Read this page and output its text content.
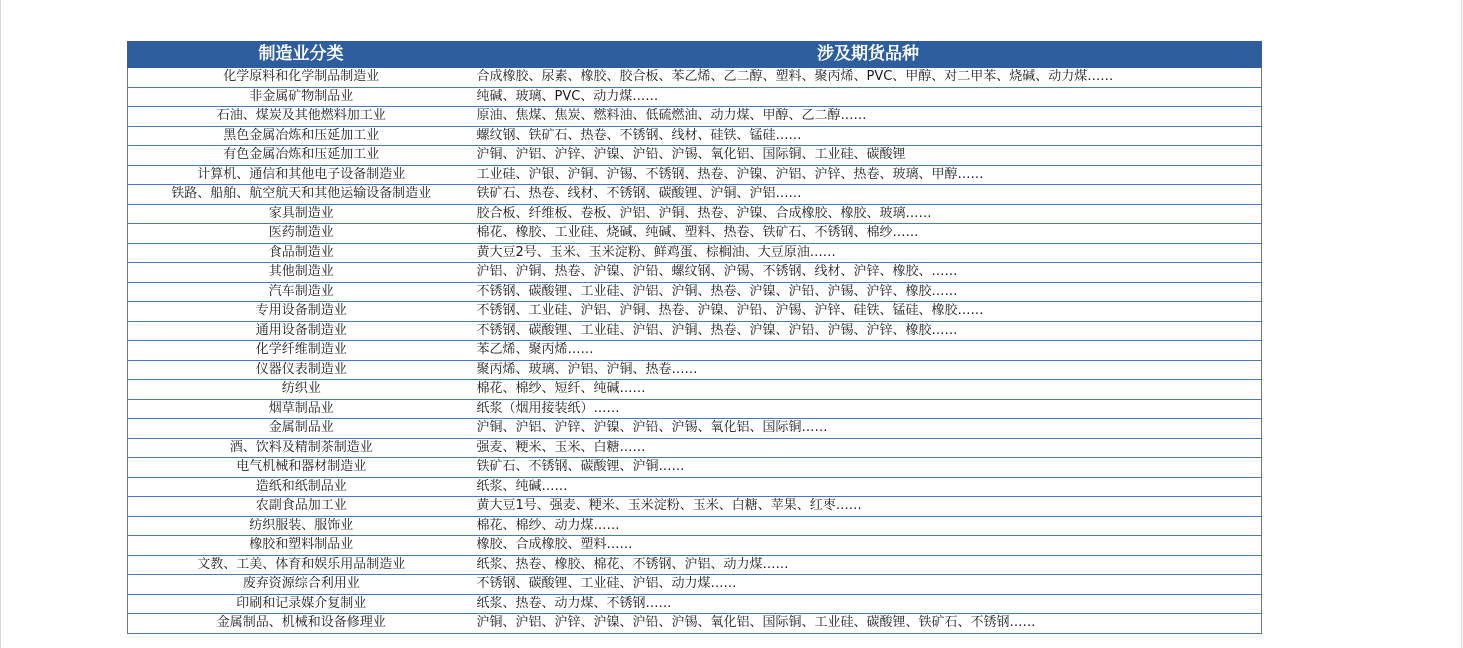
制造业分类	涉及期货品种
化学原料和化学制品制造业	合成橡胶、尿素、橡胶、胶合板、苯乙烯、乙二醇、塑料、聚丙烯、PVC、甲醇、对二甲苯、烧碱、动力煤……
非金属矿物制品业	纯碱、玻璃、PVC、动力煤……
石油、煤炭及其他燃料加工业	原油、焦煤、焦炭、燃料油、低硫燃油、动力煤、甲醇、乙二醇……
黑色金属冶炼和压延加工业	螺纹钢、铁矿石、热卷、不锈钢、线材、硅铁、锰硅……
有色金属冶炼和压延加工业	沪铜、沪铝、沪锌、沪镍、沪铅、沪锡、氧化铝、国际铜、工业硅、碳酸锂
计算机、通信和其他电子设备制造业	工业硅、沪银、沪铜、沪锡、不锈钢、热卷、沪镍、沪铝、沪锌、热卷、玻璃、甲醇……
铁路、船舶、航空航天和其他运输设备制造业	铁矿石、热卷、线材、不锈钢、碳酸锂、沪铜、沪铝……
家具制造业	胶合板、纤维板、卷板、沪铝、沪铜、热卷、沪镍、合成橡胶、橡胶、玻璃……
医药制造业	棉花、橡胶、工业硅、烧碱、纯碱、塑料、热卷、铁矿石、不锈钢、棉纱……
食品制造业	黄大豆2号、玉米、玉米淀粉、鲜鸡蛋、棕榈油、大豆原油……
其他制造业	沪铝、沪铜、热卷、沪镍、沪铅、螺纹钢、沪锡、不锈钢、线材、沪锌、橡胶、……
汽车制造业	不锈钢、碳酸锂、工业硅、沪铝、沪铜、热卷、沪镍、沪铅、沪锡、沪锌、橡胶……
专用设备制造业	不锈钢、工业硅、沪铝、沪铜、热卷、沪镍、沪铅、沪锡、沪锌、硅铁、锰硅、橡胶……
通用设备制造业	不锈钢、碳酸锂、工业硅、沪铝、沪铜、热卷、沪镍、沪铅、沪锡、沪锌、橡胶……
化学纤维制造业	苯乙烯、聚丙烯……
仪器仪表制造业	聚丙烯、玻璃、沪铝、沪铜、热卷……
纺织业	棉花、棉纱、短纤、纯碱……
烟草制品业	纸浆（烟用接装纸）……
金属制品业	沪铜、沪铝、沪锌、沪镍、沪铅、沪锡、氧化铝、国际铜……
酒、饮料及精制茶制造业	强麦、粳米、玉米、白糖……
电气机械和器材制造业	铁矿石、不锈钢、碳酸锂、沪铜……
造纸和纸制品业	纸浆、纯碱……
农副食品加工业	黄大豆1号、强麦、粳米、玉米淀粉、玉米、白糖、苹果、红枣……
纺织服装、服饰业	棉花、棉纱、动力煤……
橡胶和塑料制品业	橡胶、合成橡胶、塑料……
文教、工美、体育和娱乐用品制造业	纸浆、热卷、橡胶、棉花、不锈钢、沪铝、动力煤……
废弃资源综合利用业	不锈钢、碳酸锂、工业硅、沪铝、动力煤……
印刷和记录媒介复制业	纸浆、热卷、动力煤、不锈钢……
金属制品、机械和设备修理业	沪铜、沪铝、沪锌、沪镍、沪铅、沪锡、氧化铝、国际铜、工业硅、碳酸锂、铁矿石、不锈钢……
